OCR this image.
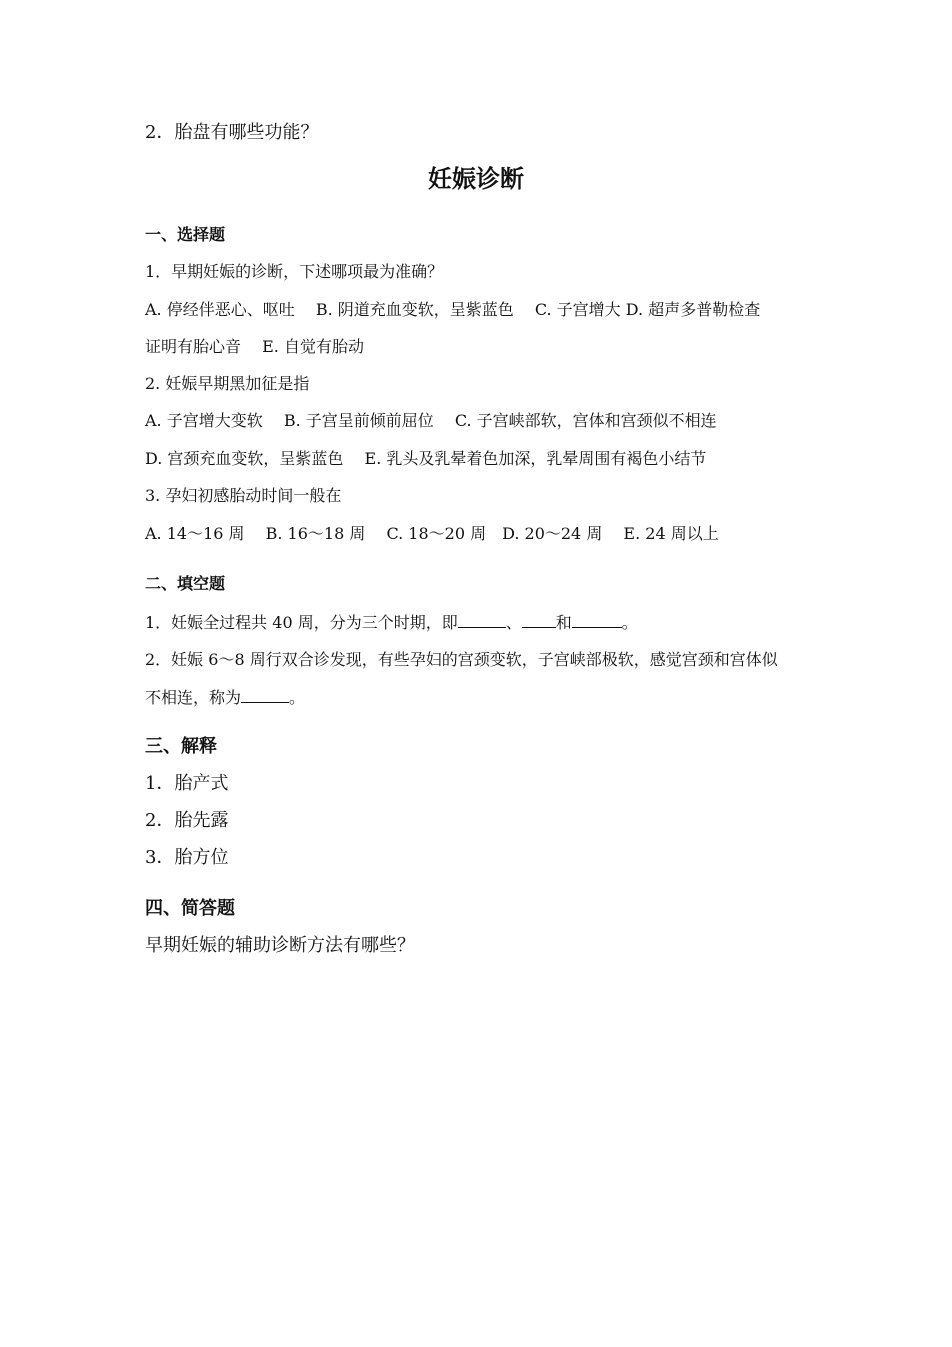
2．胎盘有哪些功能？
妊娠诊断
一、选择题
1．早期妊娠的诊断，下述哪项最为准确？
A. 停经伴恶心、呕吐　 B. 阴道充血变软，呈紫蓝色　 C. 子宫增大 D. 超声多普勒检查
证明有胎心音　 E. 自觉有胎动
2. 妊娠早期黑加征是指
A. 子宫增大变软　 B. 子宫呈前倾前屈位　 C. 子宫峡部软，宫体和宫颈似不相连
D. 宫颈充血变软，呈紫蓝色　 E. 乳头及乳晕着色加深，乳晕周围有褐色小结节
3. 孕妇初感胎动时间一般在
A. 14～16 周　 B. 16～18 周　 C. 18～20 周　D. 20～24 周　 E. 24 周以上
二、填空题
1．妊娠全过程共 40 周，分为三个时期，即	、 和	。
2．妊娠 6～8 周行双合诊发现，有些孕妇的宫颈变软，子宫峡部极软，感觉宫颈和宫体似
不相连，称为	。
三、解释
1．胎产式
2．胎先露
3．胎方位
四、简答题
早期妊娠的辅助诊断方法有哪些？
